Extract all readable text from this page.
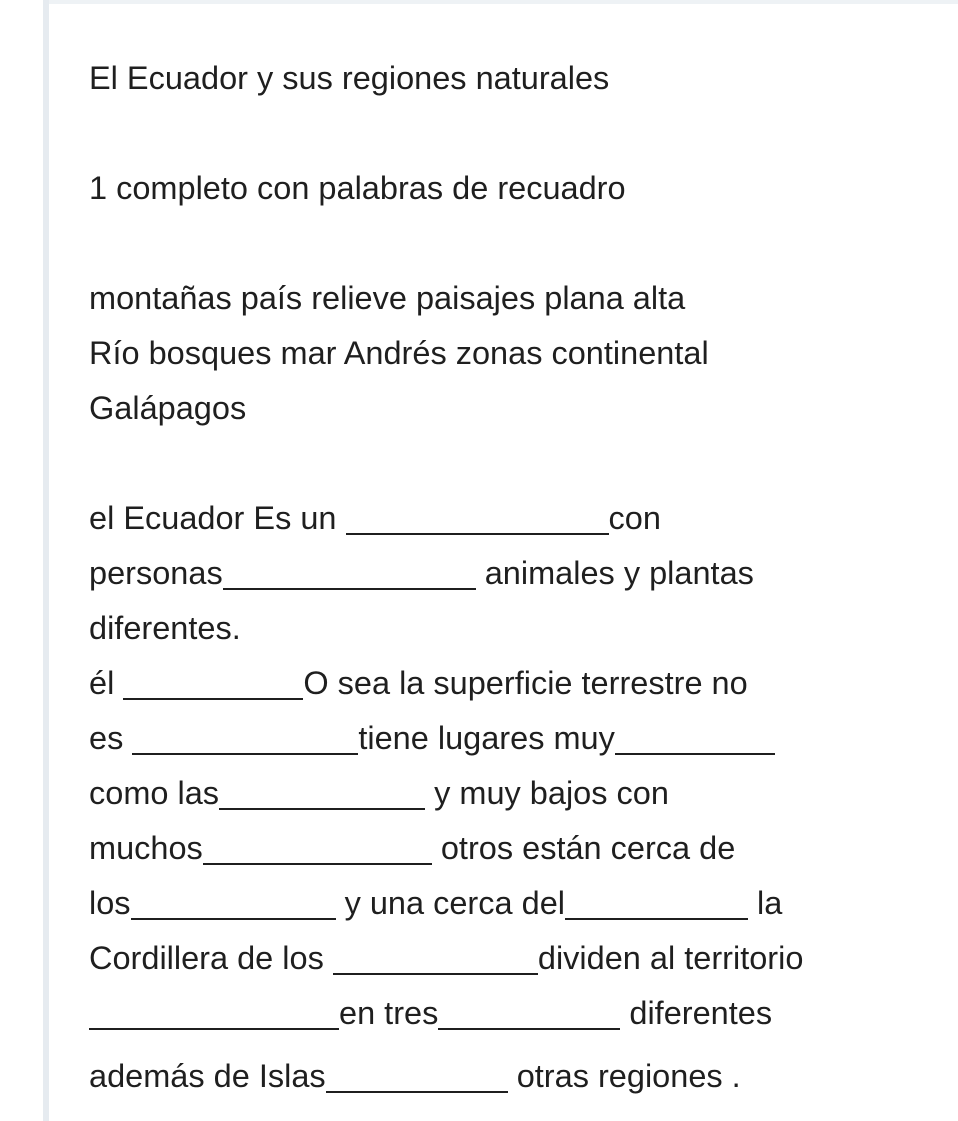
El Ecuador y sus regiones naturales
1 completo con palabras de recuadro
montañas país relieve paisajes plana alta
Río bosques mar Andrés zonas continental
Galápagos
el Ecuador Es un	con
personas	animales y plantas
diferentes.
él	O sea la superficie terrestre no
es	tiene lugares muy
como las	y muy bajos con
muchos	otros están cerca de
los	y una cerca del	la
Cordillera de los	dividen al territorio
en tres	diferentes
además de Islas	otras regiones .
